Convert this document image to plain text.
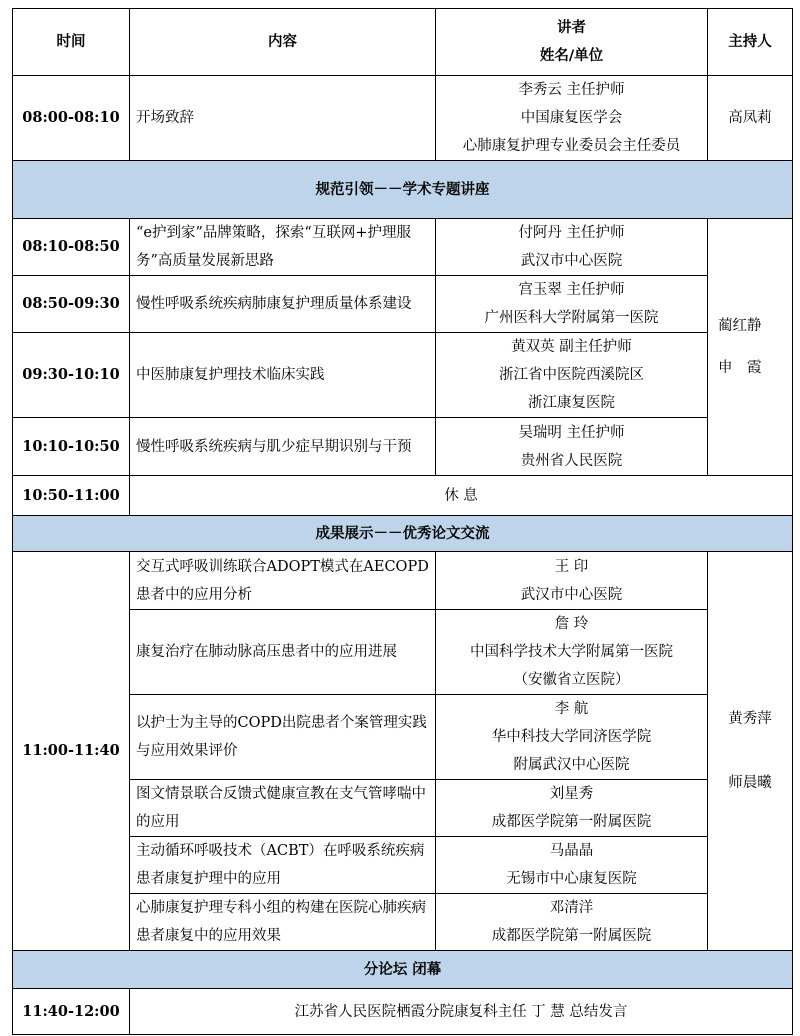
时间	内容	讲者
姓名/单位	主持人
08:00-08:10	开场致辞	李秀云 主任护师
中国康复医学会
心肺康复护理专业委员会主任委员	高凤莉
规范引领－－学术专题讲座			
08:10-08:50	“e护到家”品牌策略，探索“互联网+护理服务”高质量发展新思路	付阿丹 主任护师
武汉市中心医院	蔺红静
申　霞

08:50-09:30	慢性呼吸系统疾病肺康复护理质量体系建设	宫玉翠 主任护师
广州医科大学附属第一医院	

09:30-10:10	中医肺康复护理技术临床实践	黄双英 副主任护师
浙江省中医院西溪院区
浙江康复医院	

10:10-10:50	慢性呼吸系统疾病与肌少症早期识别与干预	吴瑞明 主任护师
贵州省人民医院	

10:50-11:00	休 息		
成果展示－－优秀论文交流			
11:00-11:40	交互式呼吸训练联合ADOPT模式在AECOPD患者中的应用分析	王 印
武汉市中心医院	黄秀萍
师晨曦

	康复治疗在肺动脉高压患者中的应用进展	詹 玲
中国科学技术大学附属第一医院
（安徽省立医院）	

	以护士为主导的COPD出院患者个案管理实践与应用效果评价	李 航
华中科技大学同济医学院
附属武汉中心医院	

	图文情景联合反馈式健康宣教在支气管哮喘中的应用	刘星秀
成都医学院第一附属医院	

	主动循环呼吸技术（ACBT）在呼吸系统疾病患者康复护理中的应用	马晶晶
无锡市中心康复医院	

	心肺康复护理专科小组的构建在医院心肺疾病患者康复中的应用效果	邓清洋
成都医学院第一附属医院	

分论坛 闭幕			
11:40-12:00	江苏省人民医院栖霞分院康复科主任 丁 慧 总结发言		
